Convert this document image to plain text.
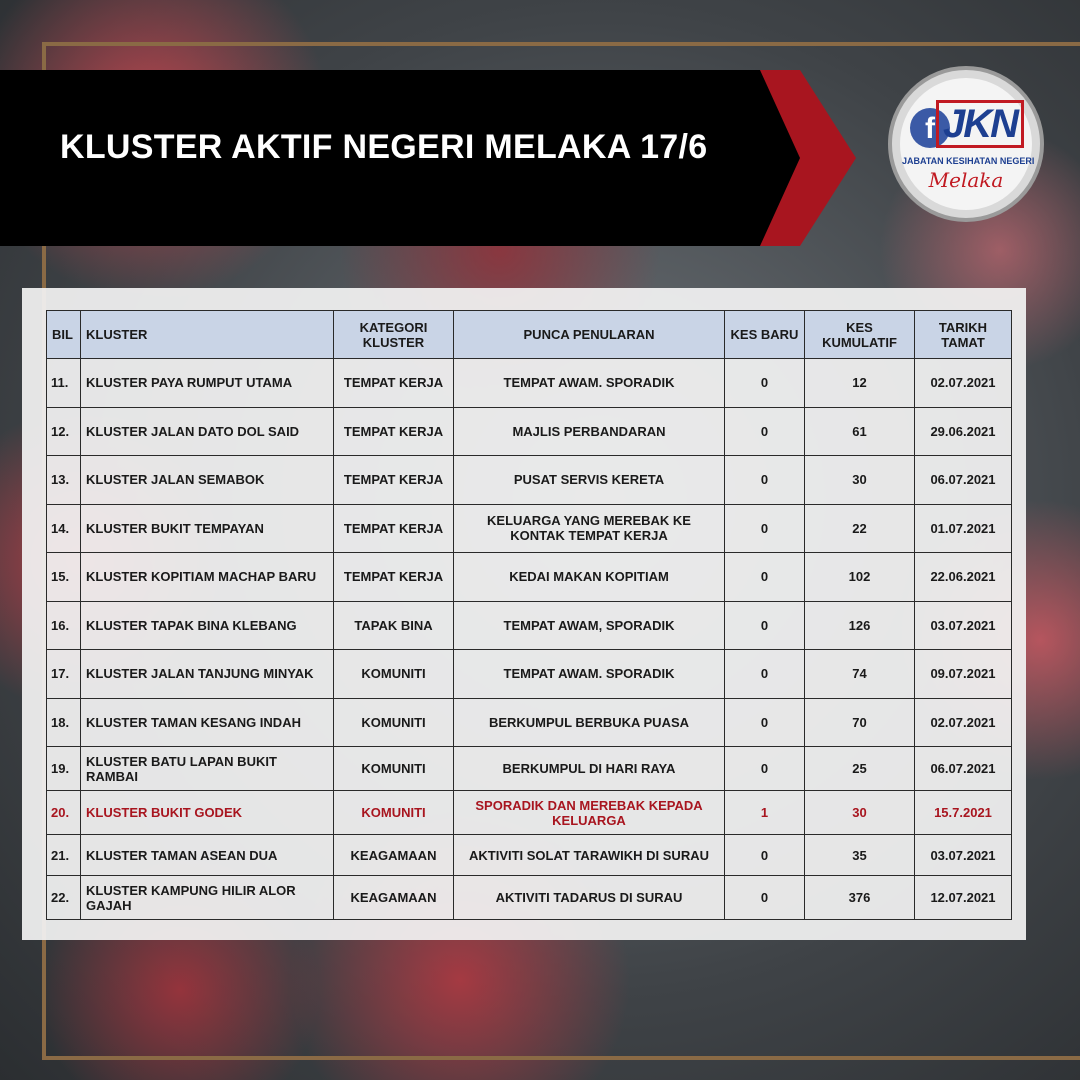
KLUSTER AKTIF NEGERI MELAKA 17/6	f JKN
JABATAN KESIHATAN NEGERI
Melaka
BIL	KLUSTER	KATEGORI KLUSTER	PUNCA PENULARAN	KES BARU	KES KUMULATIF	TARIKH TAMAT
11.	KLUSTER PAYA RUMPUT UTAMA	TEMPAT KERJA	TEMPAT AWAM. SPORADIK	0	12	02.07.2021
12.	KLUSTER JALAN DATO DOL SAID	TEMPAT KERJA	MAJLIS PERBANDARAN	0	61	29.06.2021
13.	KLUSTER JALAN SEMABOK	TEMPAT KERJA	PUSAT SERVIS KERETA	0	30	06.07.2021
14.	KLUSTER BUKIT TEMPAYAN	TEMPAT KERJA	KELUARGA YANG MEREBAK KE KONTAK TEMPAT KERJA	0	22	01.07.2021
15.	KLUSTER KOPITIAM MACHAP BARU	TEMPAT KERJA	KEDAI MAKAN KOPITIAM	0	102	22.06.2021
16.	KLUSTER TAPAK BINA KLEBANG	TAPAK BINA	TEMPAT AWAM, SPORADIK	0	126	03.07.2021
17.	KLUSTER JALAN TANJUNG MINYAK	KOMUNITI	TEMPAT AWAM. SPORADIK	0	74	09.07.2021
18.	KLUSTER TAMAN KESANG INDAH	KOMUNITI	BERKUMPUL BERBUKA PUASA	0	70	02.07.2021
19.	KLUSTER BATU LAPAN BUKIT RAMBAI	KOMUNITI	BERKUMPUL DI HARI RAYA	0	25	06.07.2021
20.	KLUSTER BUKIT GODEK	KOMUNITI	SPORADIK DAN MEREBAK KEPADA KELUARGA	1	30	15.7.2021
21.	KLUSTER TAMAN ASEAN DUA	KEAGAMAAN	AKTIVITI SOLAT TARAWIKH DI SURAU	0	35	03.07.2021
22.	KLUSTER KAMPUNG HILIR ALOR GAJAH	KEAGAMAAN	AKTIVITI TADARUS DI SURAU	0	376	12.07.2021
